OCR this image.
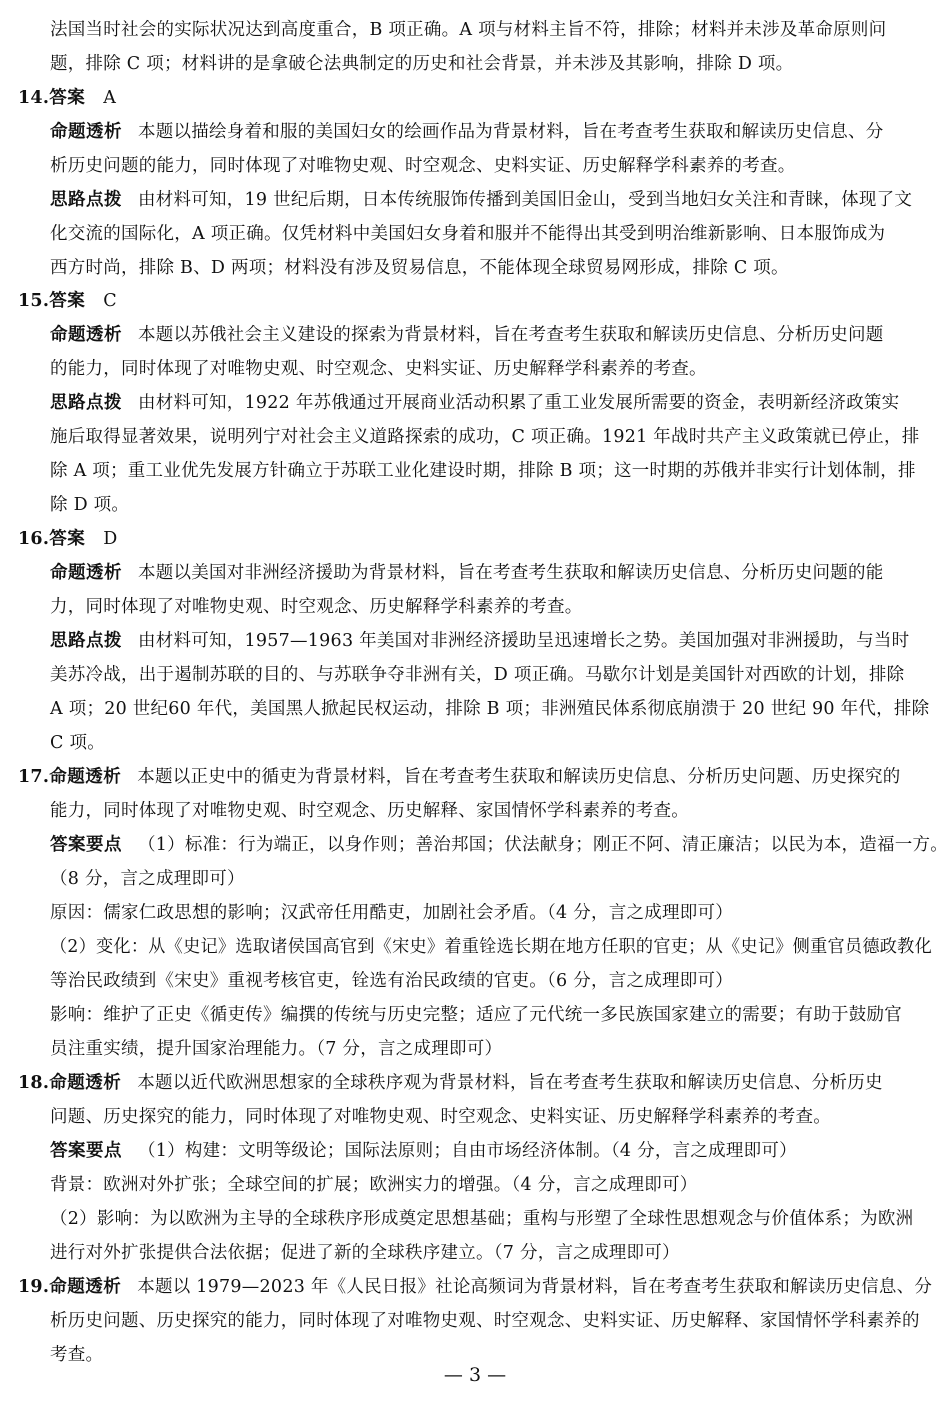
法国当时社会的实际状况达到高度重合，B 项正确。A 项与材料主旨不符，排除；材料并未涉及革命原则问
题，排除 C 项；材料讲的是拿破仑法典制定的历史和社会背景，并未涉及其影响，排除 D 项。
14.答案 A
命题透析 本题以描绘身着和服的美国妇女的绘画作品为背景材料，旨在考查考生获取和解读历史信息、分
析历史问题的能力，同时体现了对唯物史观、时空观念、史料实证、历史解释学科素养的考查。
思路点拨 由材料可知，19 世纪后期，日本传统服饰传播到美国旧金山，受到当地妇女关注和青睐，体现了文
化交流的国际化，A 项正确。仅凭材料中美国妇女身着和服并不能得出其受到明治维新影响、日本服饰成为
西方时尚，排除 B、D 两项；材料没有涉及贸易信息，不能体现全球贸易网形成，排除 C 项。
15.答案 C
命题透析 本题以苏俄社会主义建设的探索为背景材料，旨在考查考生获取和解读历史信息、分析历史问题
的能力，同时体现了对唯物史观、时空观念、史料实证、历史解释学科素养的考查。
思路点拨 由材料可知，1922 年苏俄通过开展商业活动积累了重工业发展所需要的资金，表明新经济政策实
施后取得显著效果，说明列宁对社会主义道路探索的成功，C 项正确。1921 年战时共产主义政策就已停止，排
除 A 项；重工业优先发展方针确立于苏联工业化建设时期，排除 B 项；这一时期的苏俄并非实行计划体制，排
除 D 项。
16.答案 D
命题透析 本题以美国对非洲经济援助为背景材料，旨在考查考生获取和解读历史信息、分析历史问题的能
力，同时体现了对唯物史观、时空观念、历史解释学科素养的考查。
思路点拨 由材料可知，1957—1963 年美国对非洲经济援助呈迅速增长之势。美国加强对非洲援助，与当时
美苏冷战，出于遏制苏联的目的、与苏联争夺非洲有关，D 项正确。马歇尔计划是美国针对西欧的计划，排除
A 项；20 世纪60 年代，美国黑人掀起民权运动，排除 B 项；非洲殖民体系彻底崩溃于 20 世纪 90 年代，排除
C 项。
17.命题透析 本题以正史中的循吏为背景材料，旨在考查考生获取和解读历史信息、分析历史问题、历史探究的
能力，同时体现了对唯物史观、时空观念、历史解释、家国情怀学科素养的考查。
答案要点 （1）标准：行为端正，以身作则；善治邦国；伏法献身；刚正不阿、清正廉洁；以民为本，造福一方。
（8 分，言之成理即可）
原因：儒家仁政思想的影响；汉武帝任用酷吏，加剧社会矛盾。（4 分，言之成理即可）
（2）变化：从《史记》选取诸侯国高官到《宋史》着重铨选长期在地方任职的官吏；从《史记》侧重官员德政教化
等治民政绩到《宋史》重视考核官吏，铨选有治民政绩的官吏。（6 分，言之成理即可）
影响：维护了正史《循吏传》编撰的传统与历史完整；适应了元代统一多民族国家建立的需要；有助于鼓励官
员注重实绩，提升国家治理能力。（7 分，言之成理即可）
18.命题透析 本题以近代欧洲思想家的全球秩序观为背景材料，旨在考查考生获取和解读历史信息、分析历史
问题、历史探究的能力，同时体现了对唯物史观、时空观念、史料实证、历史解释学科素养的考查。
答案要点 （1）构建：文明等级论；国际法原则；自由市场经济体制。（4 分，言之成理即可）
背景：欧洲对外扩张；全球空间的扩展；欧洲实力的增强。（4 分，言之成理即可）
（2）影响：为以欧洲为主导的全球秩序形成奠定思想基础；重构与形塑了全球性思想观念与价值体系；为欧洲
进行对外扩张提供合法依据；促进了新的全球秩序建立。（7 分，言之成理即可）
19.命题透析 本题以 1979—2023 年《人民日报》社论高频词为背景材料，旨在考查考生获取和解读历史信息、分
析历史问题、历史探究的能力，同时体现了对唯物史观、时空观念、史料实证、历史解释、家国情怀学科素养的
考查。
— 3 —
